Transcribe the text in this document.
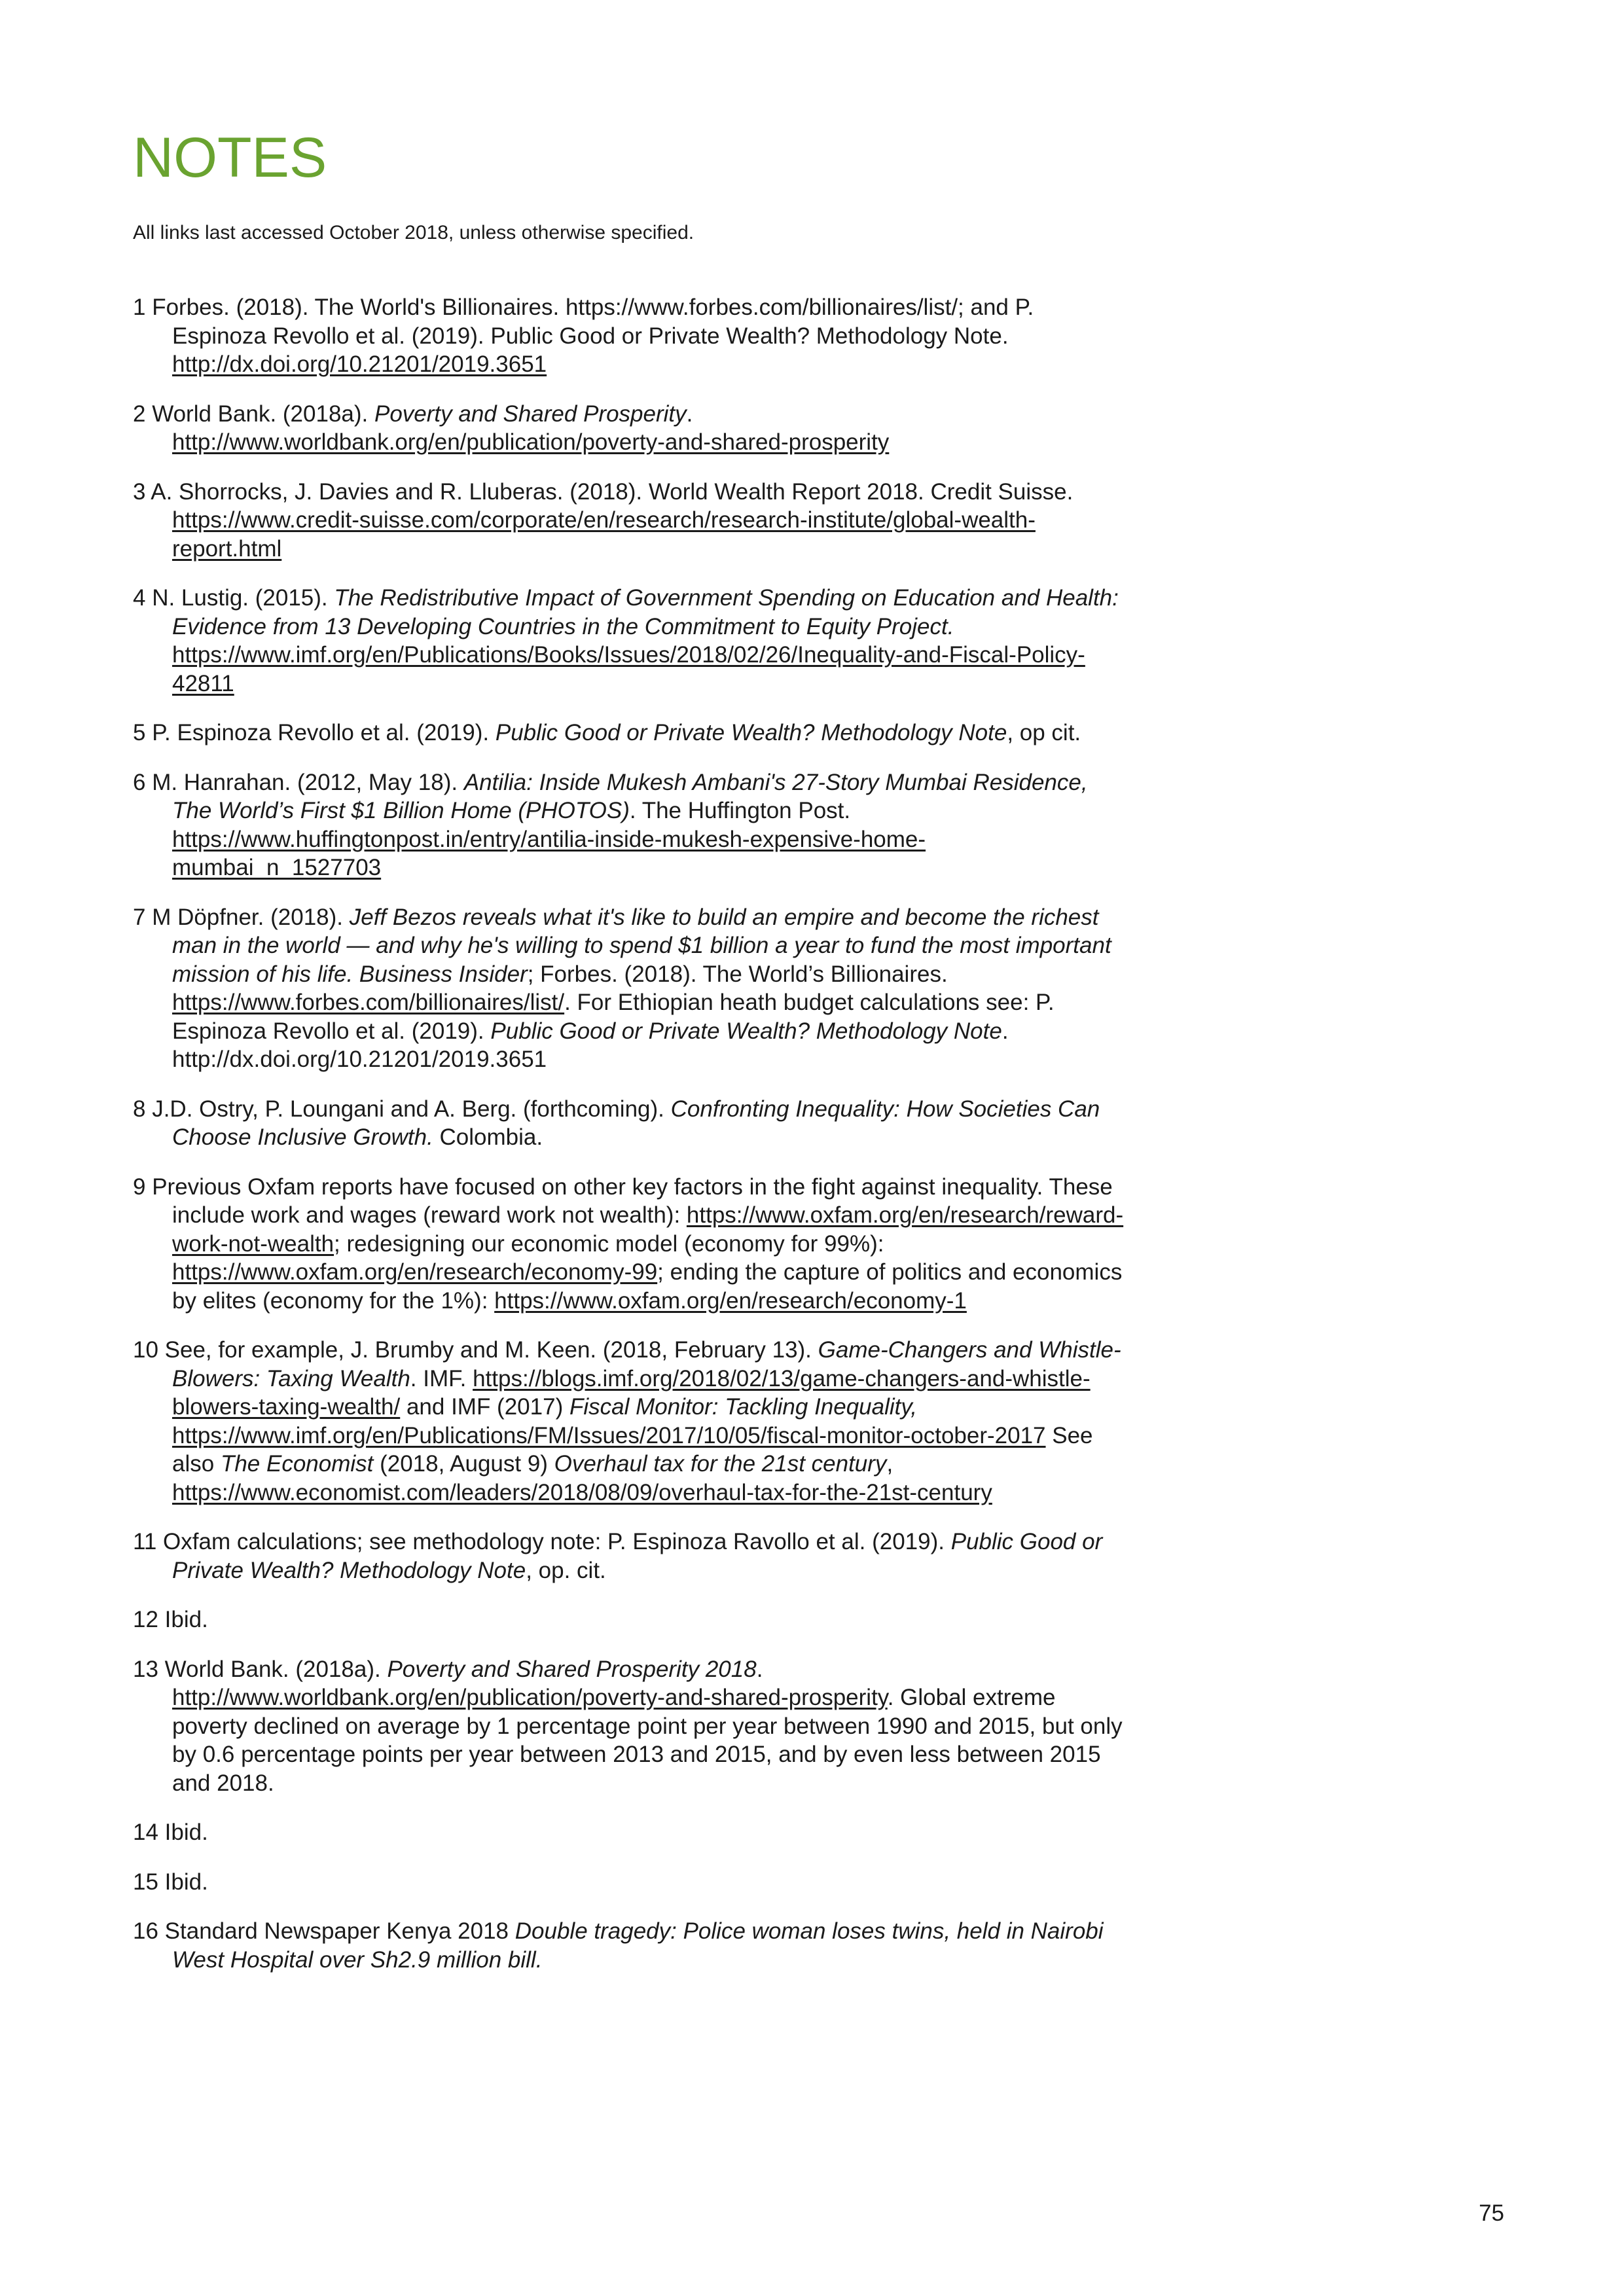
NOTES

All links last accessed October 2018, unless otherwise specified.

1 Forbes. (2018). The World's Billionaires. https://www.forbes.com/billionaires/list/; and P. Espinoza Revollo et al. (2019). Public Good or Private Wealth? Methodology Note. http://dx.doi.org/10.21201/2019.3651

2 World Bank. (2018a). Poverty and Shared Prosperity. http://www.worldbank.org/en/publication/poverty-and-shared-prosperity

3 A. Shorrocks, J. Davies and R. Lluberas. (2018). World Wealth Report 2018. Credit Suisse. https://www.credit-suisse.com/corporate/en/research/research-institute/global-wealth-report.html

4 N. Lustig. (2015). The Redistributive Impact of Government Spending on Education and Health: Evidence from 13 Developing Countries in the Commitment to Equity Project. https://www.imf.org/en/Publications/Books/Issues/2018/02/26/Inequality-and-Fiscal-Policy-42811

5 P. Espinoza Revollo et al. (2019). Public Good or Private Wealth? Methodology Note, op cit.

6 M. Hanrahan. (2012, May 18). Antilia: Inside Mukesh Ambani's 27-Story Mumbai Residence, The World’s First $1 Billion Home (PHOTOS). The Huffington Post. https://www.huffingtonpost.in/entry/antilia-inside-mukesh-expensive-home-mumbai_n_1527703

7 M Döpfner. (2018). Jeff Bezos reveals what it's like to build an empire and become the richest man in the world — and why he's willing to spend $1 billion a year to fund the most important mission of his life. Business Insider; Forbes. (2018). The World’s Billionaires. https://www.forbes.com/billionaires/list/. For Ethiopian heath budget calculations see: P. Espinoza Revollo et al. (2019). Public Good or Private Wealth? Methodology Note. http://dx.doi.org/10.21201/2019.3651

8 J.D. Ostry, P. Loungani and A. Berg. (forthcoming). Confronting Inequality: How Societies Can Choose Inclusive Growth. Colombia.

9 Previous Oxfam reports have focused on other key factors in the fight against inequality. These include work and wages (reward work not wealth): https://www.oxfam.org/en/research/reward-work-not-wealth; redesigning our economic model (economy for 99%): https://www.oxfam.org/en/research/economy-99; ending the capture of politics and economics by elites (economy for the 1%): https://www.oxfam.org/en/research/economy-1

10 See, for example, J. Brumby and M. Keen. (2018, February 13). Game-Changers and Whistle-Blowers: Taxing Wealth. IMF. https://blogs.imf.org/2018/02/13/game-changers-and-whistle-blowers-taxing-wealth/ and IMF (2017) Fiscal Monitor: Tackling Inequality, https://www.imf.org/en/Publications/FM/Issues/2017/10/05/fiscal-monitor-october-2017 See also The Economist (2018, August 9) Overhaul tax for the 21st century, https://www.economist.com/leaders/2018/08/09/overhaul-tax-for-the-21st-century

11 Oxfam calculations; see methodology note: P. Espinoza Ravollo et al. (2019). Public Good or Private Wealth? Methodology Note, op. cit.

12 Ibid.

13 World Bank. (2018a). Poverty and Shared Prosperity 2018. http://www.worldbank.org/en/publication/poverty-and-shared-prosperity. Global extreme poverty declined on average by 1 percentage point per year between 1990 and 2015, but only by 0.6 percentage points per year between 2013 and 2015, and by even less between 2015 and 2018.

14 Ibid.

15 Ibid.

16 Standard Newspaper Kenya 2018 Double tragedy: Police woman loses twins, held in Nairobi West Hospital over Sh2.9 million bill.

75
